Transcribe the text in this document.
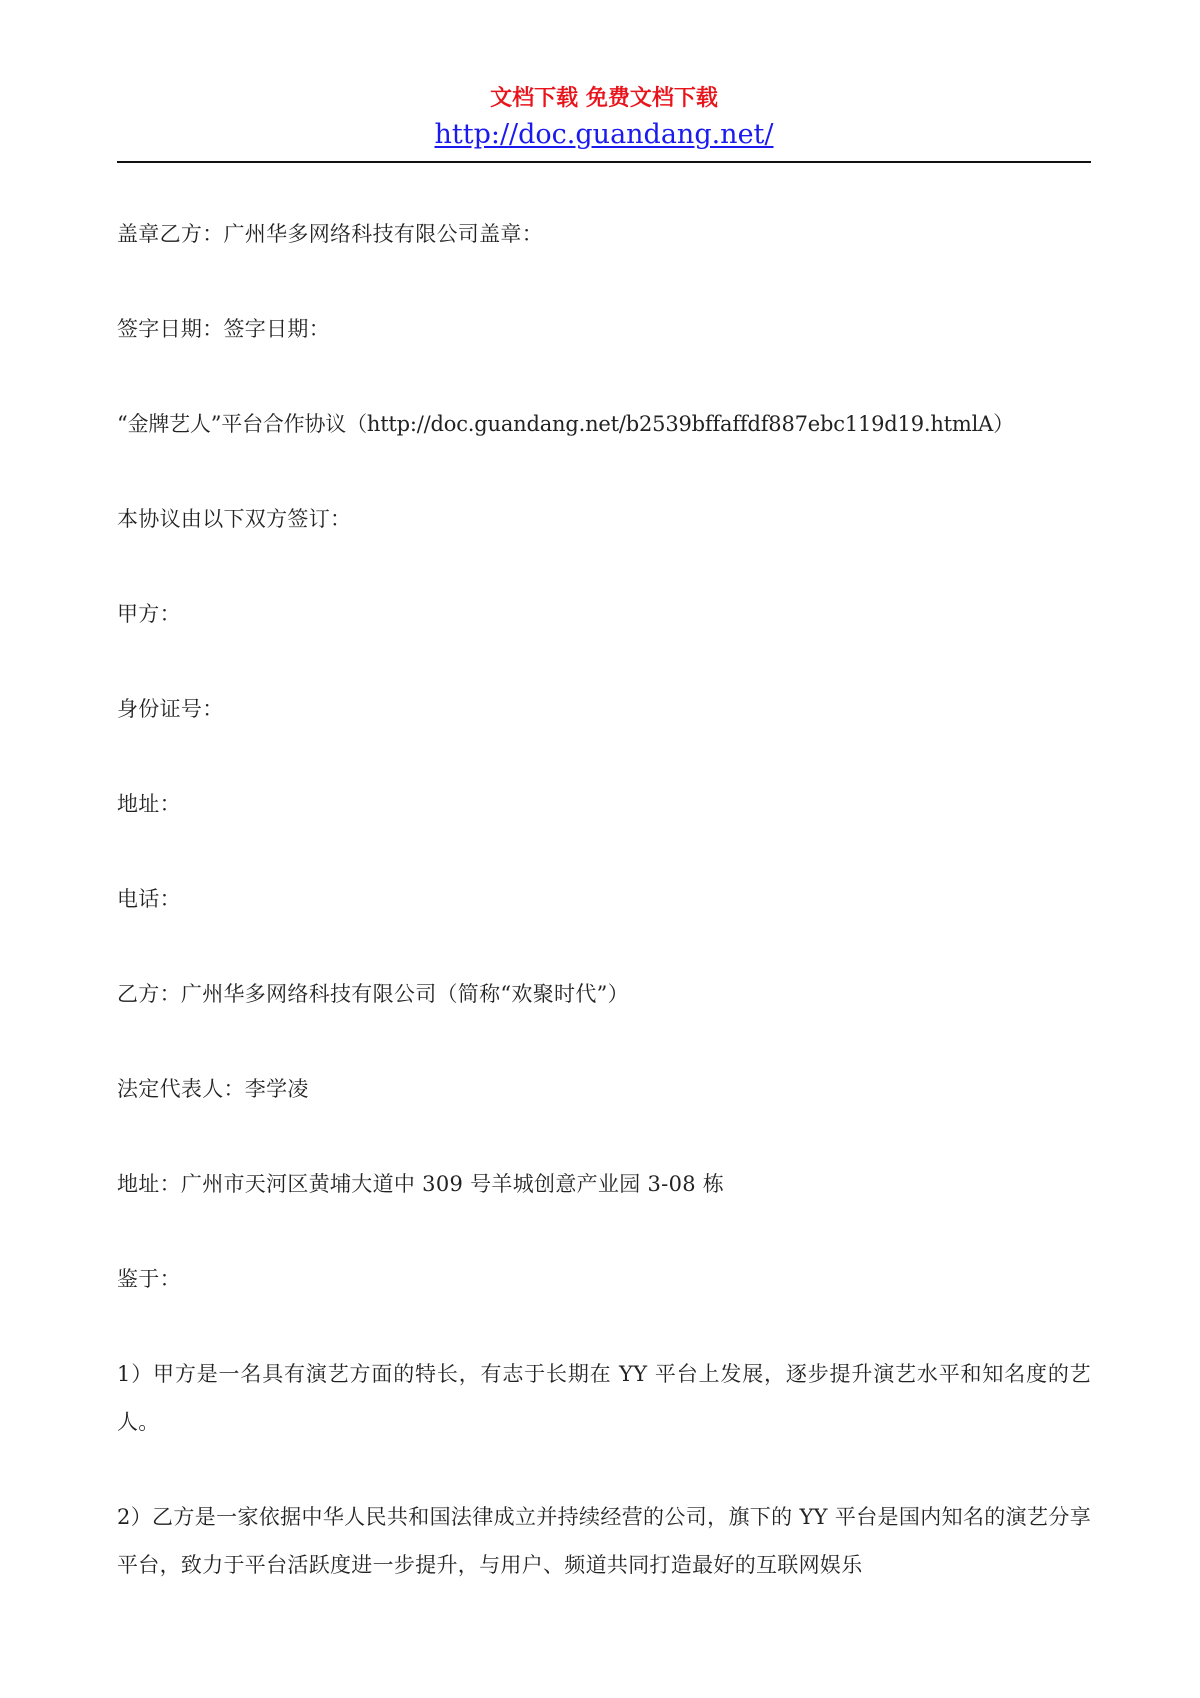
文档下载 免费文档下载
http://doc.guandang.net/

盖章乙方：广州华多网络科技有限公司盖章：

签字日期：签字日期：

“金牌艺人”平台合作协议（http://doc.guandang.net/b2539bffaffdf887ebc119d19.htmlA）

本协议由以下双方签订：

甲方：

身份证号：

地址：

电话：

乙方：广州华多网络科技有限公司（简称“欢聚时代”）

法定代表人：李学凌

地址：广州市天河区黄埔大道中 309 号羊城创意产业园 3-08 栋

鉴于：

1）甲方是一名具有演艺方面的特长，有志于长期在 YY 平台上发展，逐步提升演艺水平和知名度的艺人。

2）乙方是一家依据中华人民共和国法律成立并持续经营的公司，旗下的 YY 平台是国内知名的演艺分享平台，致力于平台活跃度进一步提升，与用户、频道共同打造最好的互联网娱乐
